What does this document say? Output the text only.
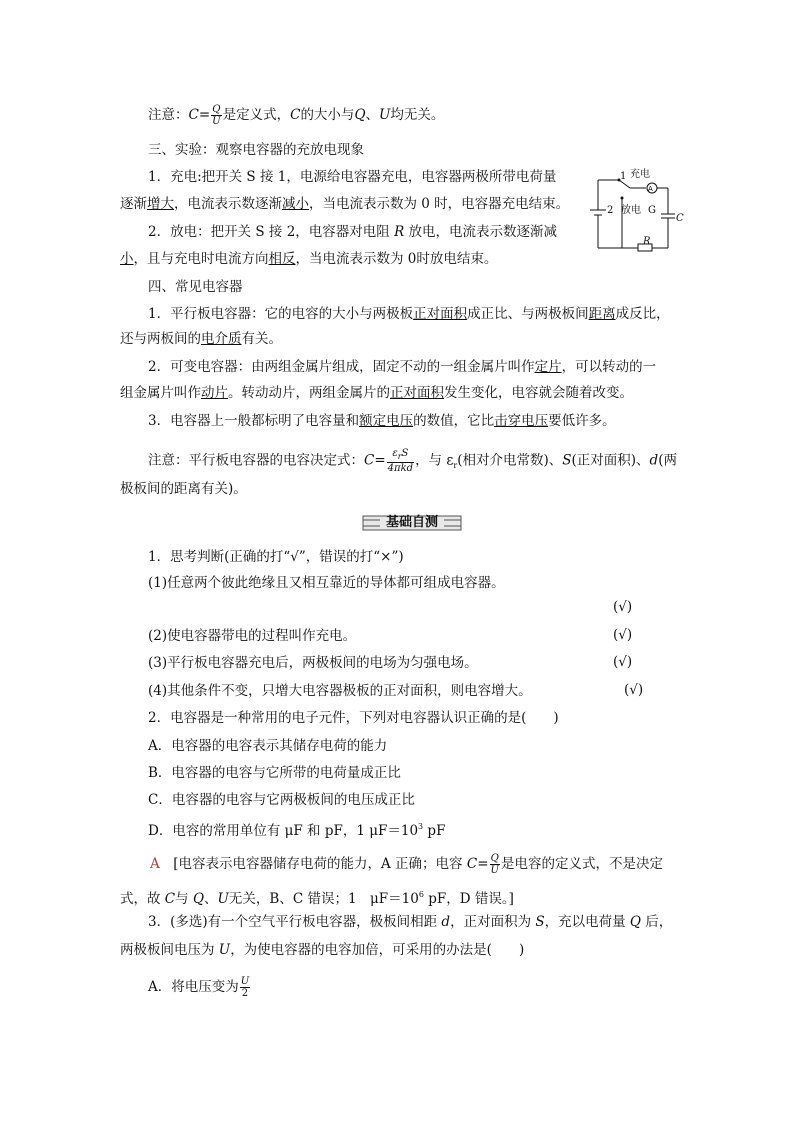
注意：$C= \frac{Q}{U}$ 是定义式，C的大小与Q、U均无关。
三、实验：观察电容器的充放电现象
1．充电:把开关 S 接 1，电源给电容器充电，电容器两极所带电荷量
逐渐增大，电流表示数逐渐减小，当电流表示数为 0 时，电容器充电结束。
2．放电：把开关 S 接 2，电容器对电阻 R 放电，电流表示数逐渐减
小，且与充电时电流方向相反，当电流表示数为 0时放电结束。
A
1 充电
2 放电 G
C
R
四、常见电容器
1．平行板电容器：它的电容的大小与两极板正对面积成正比、与两极板间距离成反比，
还与两板间的电介质有关。
2．可变电容器：由两组金属片组成，固定不动的一组金属片叫作定片，可以转动的一
组金属片叫作动片。转动动片，两组金属片的正对面积发生变化，电容就会随着改变。
3．电容器上一般都标明了电容量和额定电压的数值，它比击穿电压要低许多。
注意：平行板电容器的电容决定式：$C= \frac{\varepsilon_rS}{\text{4πkd}}$ ，与 $\varepsilon_r$(相对介电常数)、S(正对面积)、d(两
极板间的距离有关)。
基础自测
1．思考判断(正确的打“√”，错误的打“×”)
(1)任意两个彼此绝缘且又相互靠近的导体都可组成电容器。
(√)
(2)使电容器带电的过程叫作充电。	(√)
(3)平行板电容器充电后，两极板间的电场为匀强电场。	(√)
(4)其他条件不变，只增大电容器极板的正对面积，则电容增大。	(√)
2．电容器是一种常用的电子元件，下列对电容器认识正确的是(　　)
A．电容器的电容表示其储存电荷的能力
B．电容器的电容与它所带的电荷量成正比
C．电容器的电容与它两极板间的电压成正比
D．电容的常用单位有 μF 和 pF，1 $\mu F=10^3$ pF
A　 [电容表示电容器储存电荷的能力，A 正确；电容 $C= \frac{Q}{U}$ 是电容的定义式，不是决定
式，故 C与 Q、U无关，B、C 错误；1　$\mu F=10^6$ pF，D 错误。]
3．(多选)有一个空气平行板电容器，极板间相距 d，正对面积为 S，充以电荷量 Q 后，
两极板间电压为 U，为使电容器的电容加倍，可采用的办法是(　　)
A．将电压变为 $\frac{U}{2}$
